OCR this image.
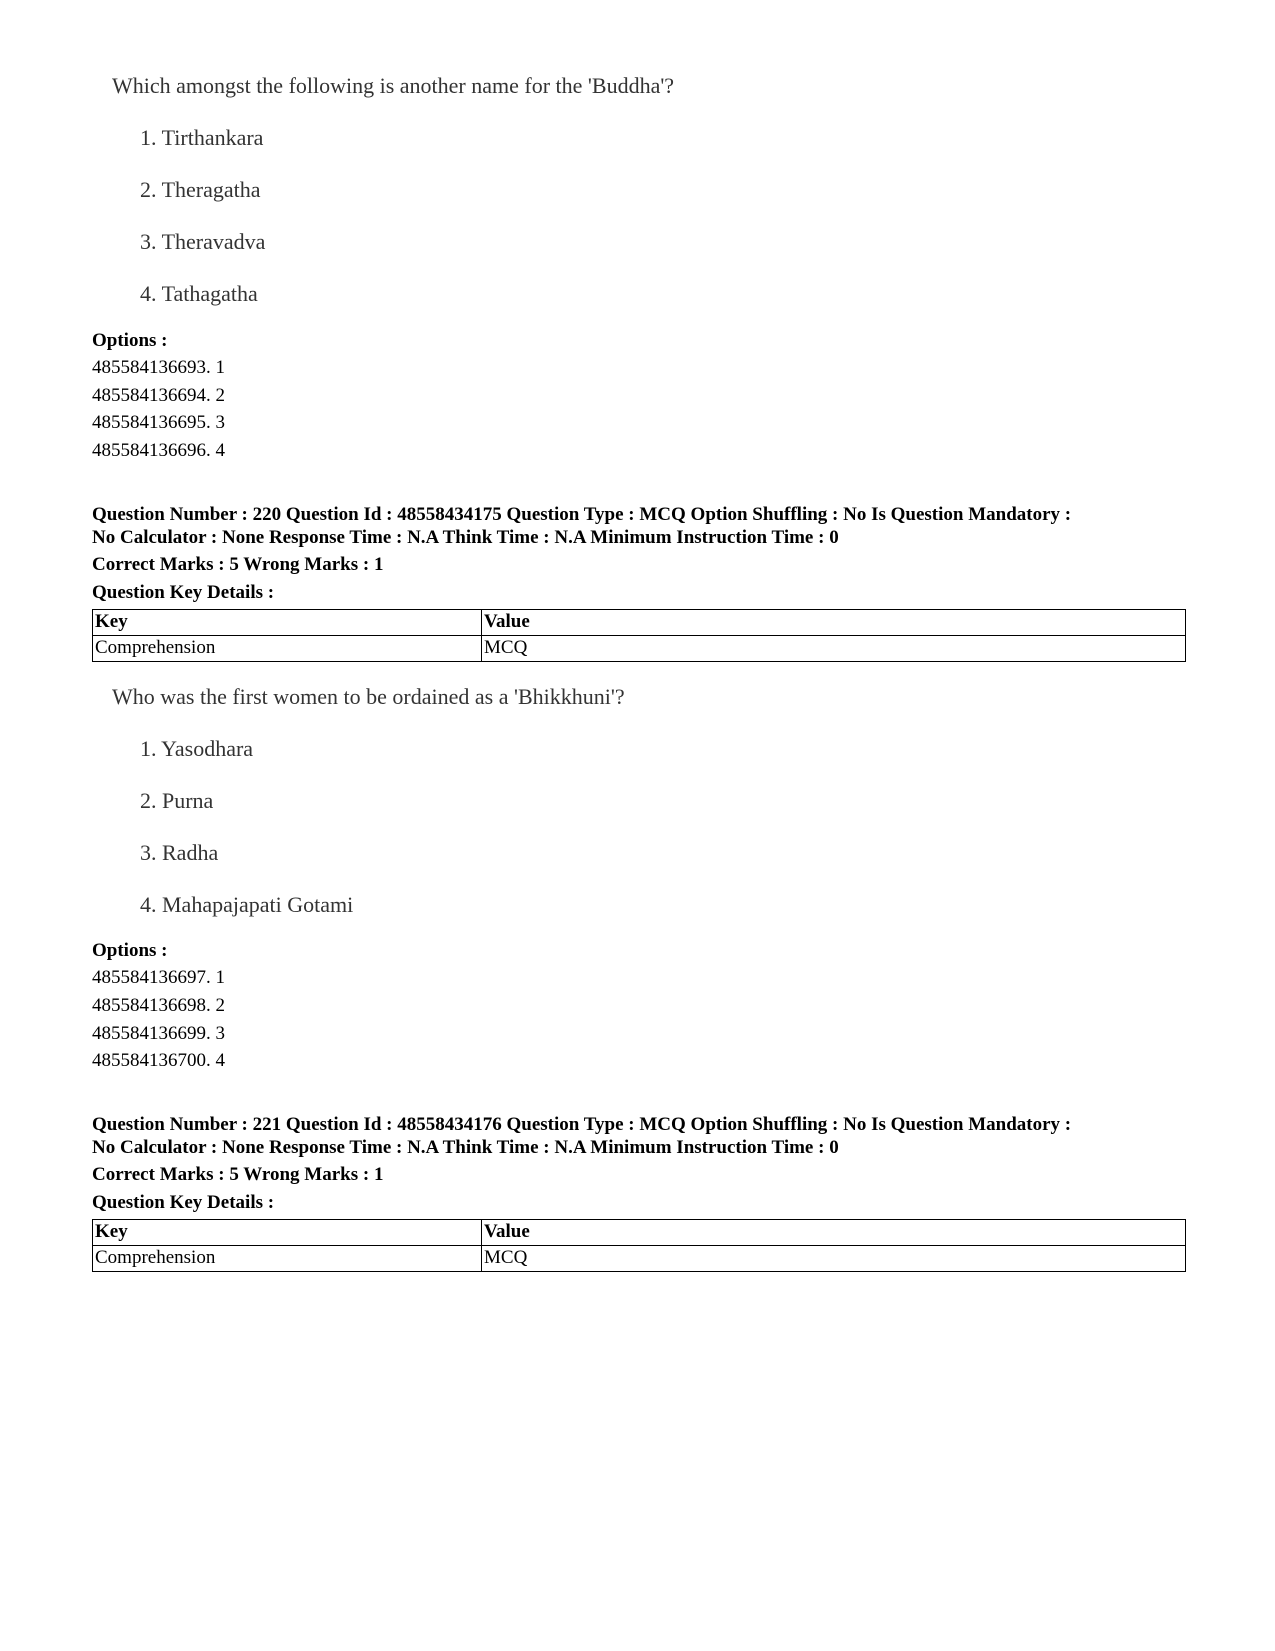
Which amongst the following is another name for the 'Buddha'?

1. Tirthankara
2. Theragatha
3. Theravadva
4. Tathagatha
Options :
485584136693. 1
485584136694. 2
485584136695. 3
485584136696. 4
Question Number : 220 Question Id : 48558434175 Question Type : MCQ Option Shuffling : No Is Question Mandatory :
No Calculator : None Response Time : N.A Think Time : N.A Minimum Instruction Time : 0
Correct Marks : 5 Wrong Marks : 1
Question Key Details :
Key	Value
Comprehension	MCQ

Who was the first women to be ordained as a 'Bhikkhuni'?

1. Yasodhara
2. Purna
3. Radha
4. Mahapajapati Gotami
Options :
485584136697. 1
485584136698. 2
485584136699. 3
485584136700. 4
Question Number : 221 Question Id : 48558434176 Question Type : MCQ Option Shuffling : No Is Question Mandatory :
No Calculator : None Response Time : N.A Think Time : N.A Minimum Instruction Time : 0
Correct Marks : 5 Wrong Marks : 1
Question Key Details :
Key	Value
Comprehension	MCQ
